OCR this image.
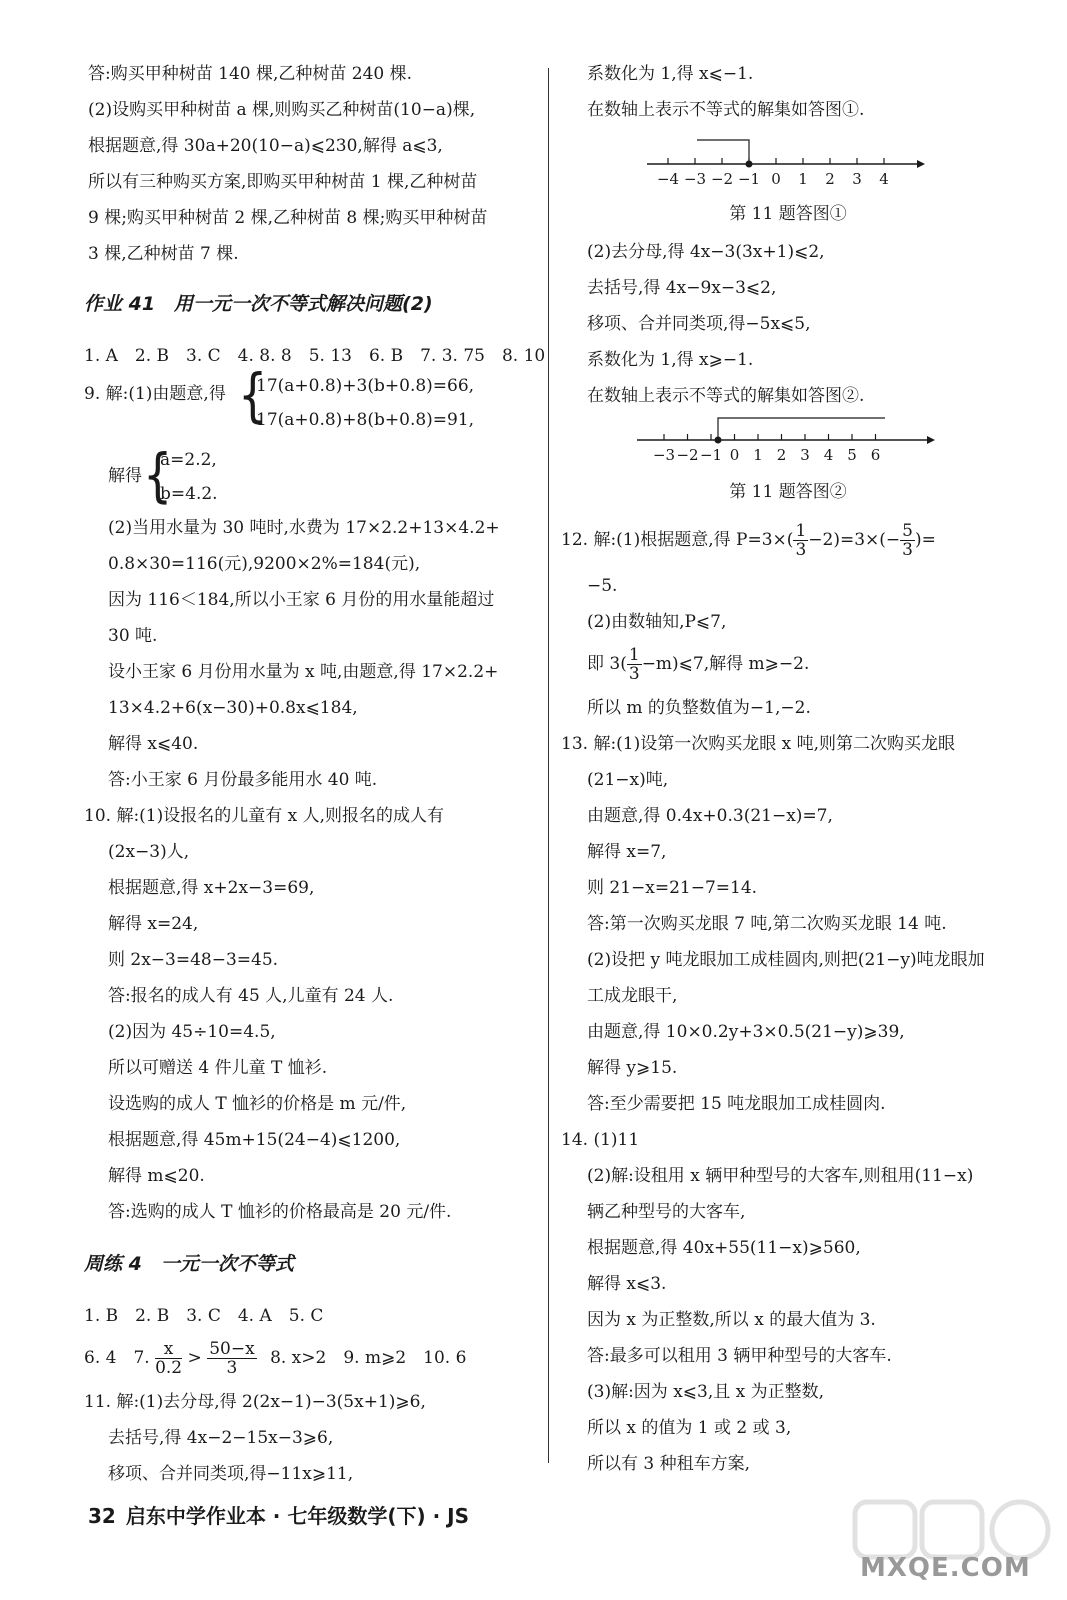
答:购买甲种树苗 140 棵,乙种树苗 240 棵.
(2)设购买甲种树苗 a 棵,则购买乙种树苗(10−a)棵,
根据题意,得 30a+20(10−a)⩽230,解得 a⩽3,
所以有三种购买方案,即购买甲种树苗 1 棵,乙种树苗
9 棵;购买甲种树苗 2 棵,乙种树苗 8 棵;购买甲种树苗
3 棵,乙种树苗 7 棵.
作业 41　用一元一次不等式解决问题(2)
1. A　2. B　3. C　4. 8. 8　5. 13　6. B　7. 3. 75　8. 10
9. 解:(1)由题意,得 {
17(a+0.8)+3(b+0.8)=66,
17(a+0.8)+8(b+0.8)=91,
解得 {
a=2.2,
b=4.2.
(2)当用水量为 30 吨时,水费为 17×2.2+13×4.2+
0.8×30=116(元),9200×2%=184(元),
因为 116＜184,所以小王家 6 月份的用水量能超过
30 吨.
设小王家 6 月份用水量为 x 吨,由题意,得 17×2.2+
13×4.2+6(x−30)+0.8x⩽184,
解得 x⩽40.
答:小王家 6 月份最多能用水 40 吨.
10. 解:(1)设报名的儿童有 x 人,则报名的成人有
(2x−3)人,
根据题意,得 x+2x−3=69,
解得 x=24,
则 2x−3=48−3=45.
答:报名的成人有 45 人,儿童有 24 人.
(2)因为 45÷10=4.5,
所以可赠送 4 件儿童 T 恤衫.
设选购的成人 T 恤衫的价格是 m 元/件,
根据题意,得 45m+15(24−4)⩽1200,
解得 m⩽20.
答:选购的成人 T 恤衫的价格最高是 20 元/件.
周练 4　一元一次不等式
1. B　2. B　3. C　4. A　5. C
6. 4　7. $\frac{x}{0.2} > \frac{50-x}{3} 8$. x>2　9. m⩾2　10. 6
11. 解:(1)去分母,得 2(2x−1)−3(5x+1)⩾6,
去括号,得 4x−2−15x−3⩾6,
移项、合并同类项,得−11x⩾11,
系数化为 1,得 x⩽−1.
在数轴上表示不等式的解集如答图①.
−4 −3 −2 −1 0 1 2 3 4
第 11 题答图①
(2)去分母,得 4x−3(3x+1)⩽2,
去括号,得 4x−9x−3⩽2,
移项、合并同类项,得−5x⩽5,
系数化为 1,得 x⩾−1.
在数轴上表示不等式的解集如答图②.
−3 −2 −1 0 1 2 3 4 5 6
第 11 题答图②
12. 解:(1)根据题意,得 $P=3\times( \frac{1}{3} -2)=3\times(- \frac{5}{3}$ )=
−5.
(2)由数轴知,P⩽7,
即 $3( \frac{1}{3}$ −m)⩽7,解得 m⩾−2.
所以 m 的负整数值为−1,−2.
13. 解:(1)设第一次购买龙眼 x 吨,则第二次购买龙眼
(21−x)吨,
由题意,得 0.4x+0.3(21−x)=7,
解得 x=7,
则 21−x=21−7=14.
答:第一次购买龙眼 7 吨,第二次购买龙眼 14 吨.
(2)设把 y 吨龙眼加工成桂圆肉,则把(21−y)吨龙眼加
工成龙眼干,
由题意,得 10×0.2y+3×0.5(21−y)⩾39,
解得 y⩾15.
答:至少需要把 15 吨龙眼加工成桂圆肉.
14. (1)11
(2)解:设租用 x 辆甲种型号的大客车,则租用(11−x)
辆乙种型号的大客车,
根据题意,得 40x+55(11−x)⩾560,
解得 x⩽3.
因为 x 为正整数,所以 x 的最大值为 3.
答:最多可以租用 3 辆甲种型号的大客车.
(3)解:因为 x⩽3,且 x 为正整数,
所以 x 的值为 1 或 2 或 3,
所以有 3 种租车方案,
32 启东中学作业本 · 七年级数学(下) · JS
MXQE.COM
